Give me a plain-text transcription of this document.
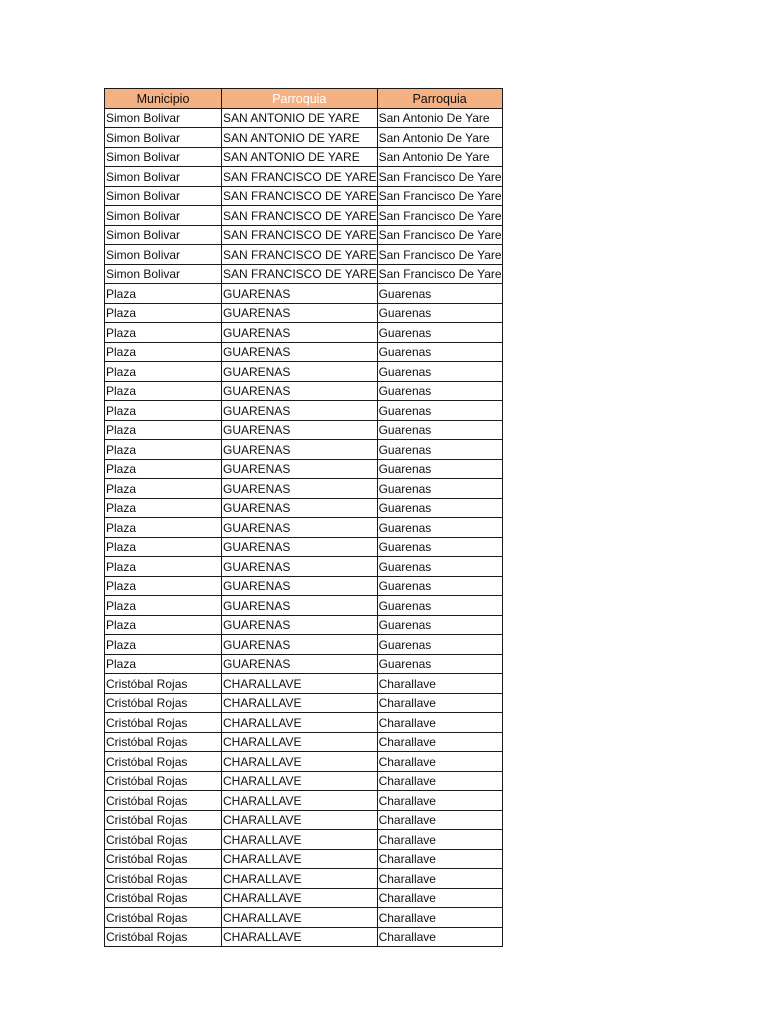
Municipio	Parroquia	Parroquia
Simon Bolivar	SAN ANTONIO DE YARE	San Antonio De Yare
Simon Bolivar	SAN ANTONIO DE YARE	San Antonio De Yare
Simon Bolivar	SAN ANTONIO DE YARE	San Antonio De Yare
Simon Bolivar	SAN FRANCISCO DE YARE	San Francisco De Yare
Simon Bolivar	SAN FRANCISCO DE YARE	San Francisco De Yare
Simon Bolivar	SAN FRANCISCO DE YARE	San Francisco De Yare
Simon Bolivar	SAN FRANCISCO DE YARE	San Francisco De Yare
Simon Bolivar	SAN FRANCISCO DE YARE	San Francisco De Yare
Simon Bolivar	SAN FRANCISCO DE YARE	San Francisco De Yare
Plaza	GUARENAS	Guarenas
Plaza	GUARENAS	Guarenas
Plaza	GUARENAS	Guarenas
Plaza	GUARENAS	Guarenas
Plaza	GUARENAS	Guarenas
Plaza	GUARENAS	Guarenas
Plaza	GUARENAS	Guarenas
Plaza	GUARENAS	Guarenas
Plaza	GUARENAS	Guarenas
Plaza	GUARENAS	Guarenas
Plaza	GUARENAS	Guarenas
Plaza	GUARENAS	Guarenas
Plaza	GUARENAS	Guarenas
Plaza	GUARENAS	Guarenas
Plaza	GUARENAS	Guarenas
Plaza	GUARENAS	Guarenas
Plaza	GUARENAS	Guarenas
Plaza	GUARENAS	Guarenas
Plaza	GUARENAS	Guarenas
Plaza	GUARENAS	Guarenas
Cristóbal Rojas	CHARALLAVE	Charallave
Cristóbal Rojas	CHARALLAVE	Charallave
Cristóbal Rojas	CHARALLAVE	Charallave
Cristóbal Rojas	CHARALLAVE	Charallave
Cristóbal Rojas	CHARALLAVE	Charallave
Cristóbal Rojas	CHARALLAVE	Charallave
Cristóbal Rojas	CHARALLAVE	Charallave
Cristóbal Rojas	CHARALLAVE	Charallave
Cristóbal Rojas	CHARALLAVE	Charallave
Cristóbal Rojas	CHARALLAVE	Charallave
Cristóbal Rojas	CHARALLAVE	Charallave
Cristóbal Rojas	CHARALLAVE	Charallave
Cristóbal Rojas	CHARALLAVE	Charallave
Cristóbal Rojas	CHARALLAVE	Charallave
